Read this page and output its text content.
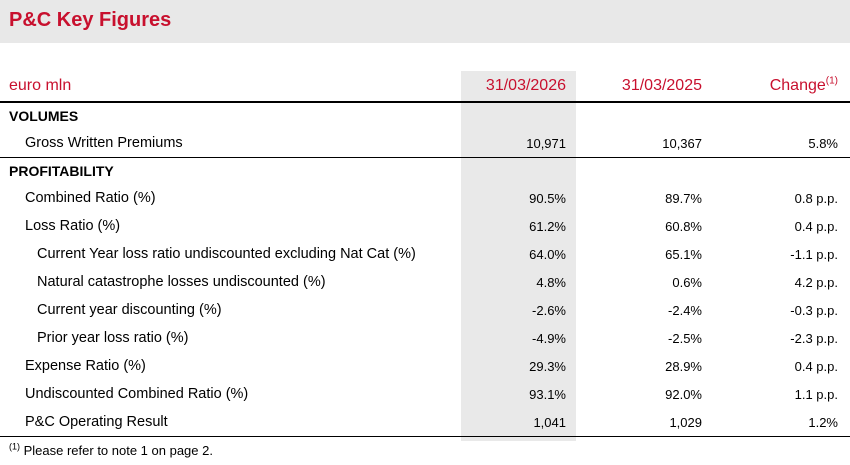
P&C Key Figures
euro mln	31/03/2026	31/03/2025	Change$^{(1)}$
VOLUMES			
Gross Written Premiums	10,971	10,367	5.8%
PROFITABILITY			
Combined Ratio (%)	90.5%	89.7%	0.8 p.p.
Loss Ratio (%)	61.2%	60.8%	0.4 p.p.
Current Year loss ratio undiscounted excluding Nat Cat (%)	64.0%	65.1%	-1.1 p.p.
Natural catastrophe losses undiscounted (%)	4.8%	0.6%	4.2 p.p.
Current year discounting (%)	-2.6%	-2.4%	-0.3 p.p.
Prior year loss ratio (%)	-4.9%	-2.5%	-2.3 p.p.
Expense Ratio (%)	29.3%	28.9%	0.4 p.p.
Undiscounted Combined Ratio (%)	93.1%	92.0%	1.1 p.p.
P&C Operating Result	1,041	1,029	1.2%
$^{(1)}$ Please refer to note 1 on page 2.
